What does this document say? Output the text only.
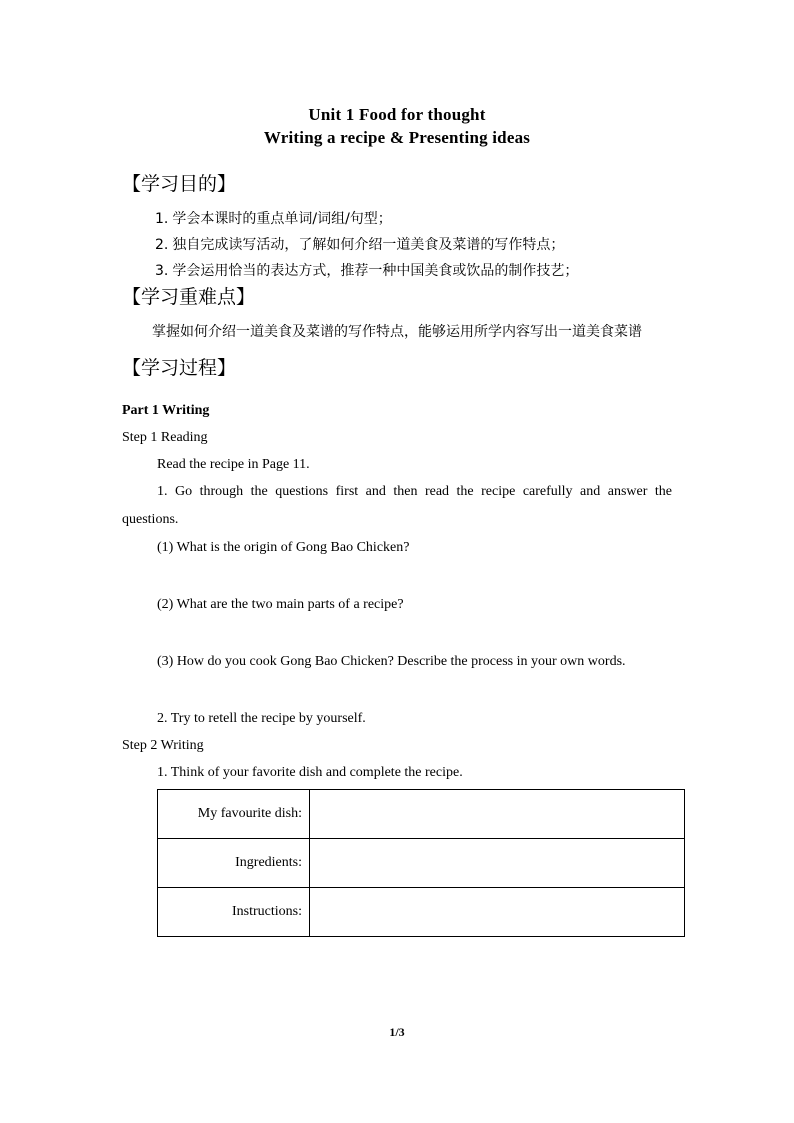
Unit 1 Food for thought
Writing a recipe & Presenting ideas
【学习目的】
1. 学会本课时的重点单词/词组/句型；
2. 独自完成读写活动，了解如何介绍一道美食及菜谱的写作特点；
3. 学会运用恰当的表达方式，推荐一种中国美食或饮品的制作技艺；
【学习重难点】

掌握如何介绍一道美食及菜谱的写作特点，能够运用所学内容写出一道美食菜谱

【学习过程】
Part 1 Writing
Step 1 Reading
Read the recipe in Page 11.

1. Go through the questions first and then read the recipe carefully and answer the questions.

(1) What is the origin of Gong Bao Chicken?
(2) What are the two main parts of a recipe?
(3) How do you cook Gong Bao Chicken? Describe the process in your own words.
2. Try to retell the recipe by yourself.
Step 2 Writing
1. Think of your favorite dish and complete the recipe.
My favourite dish:	
Ingredients:	
Instructions:	
1/3
